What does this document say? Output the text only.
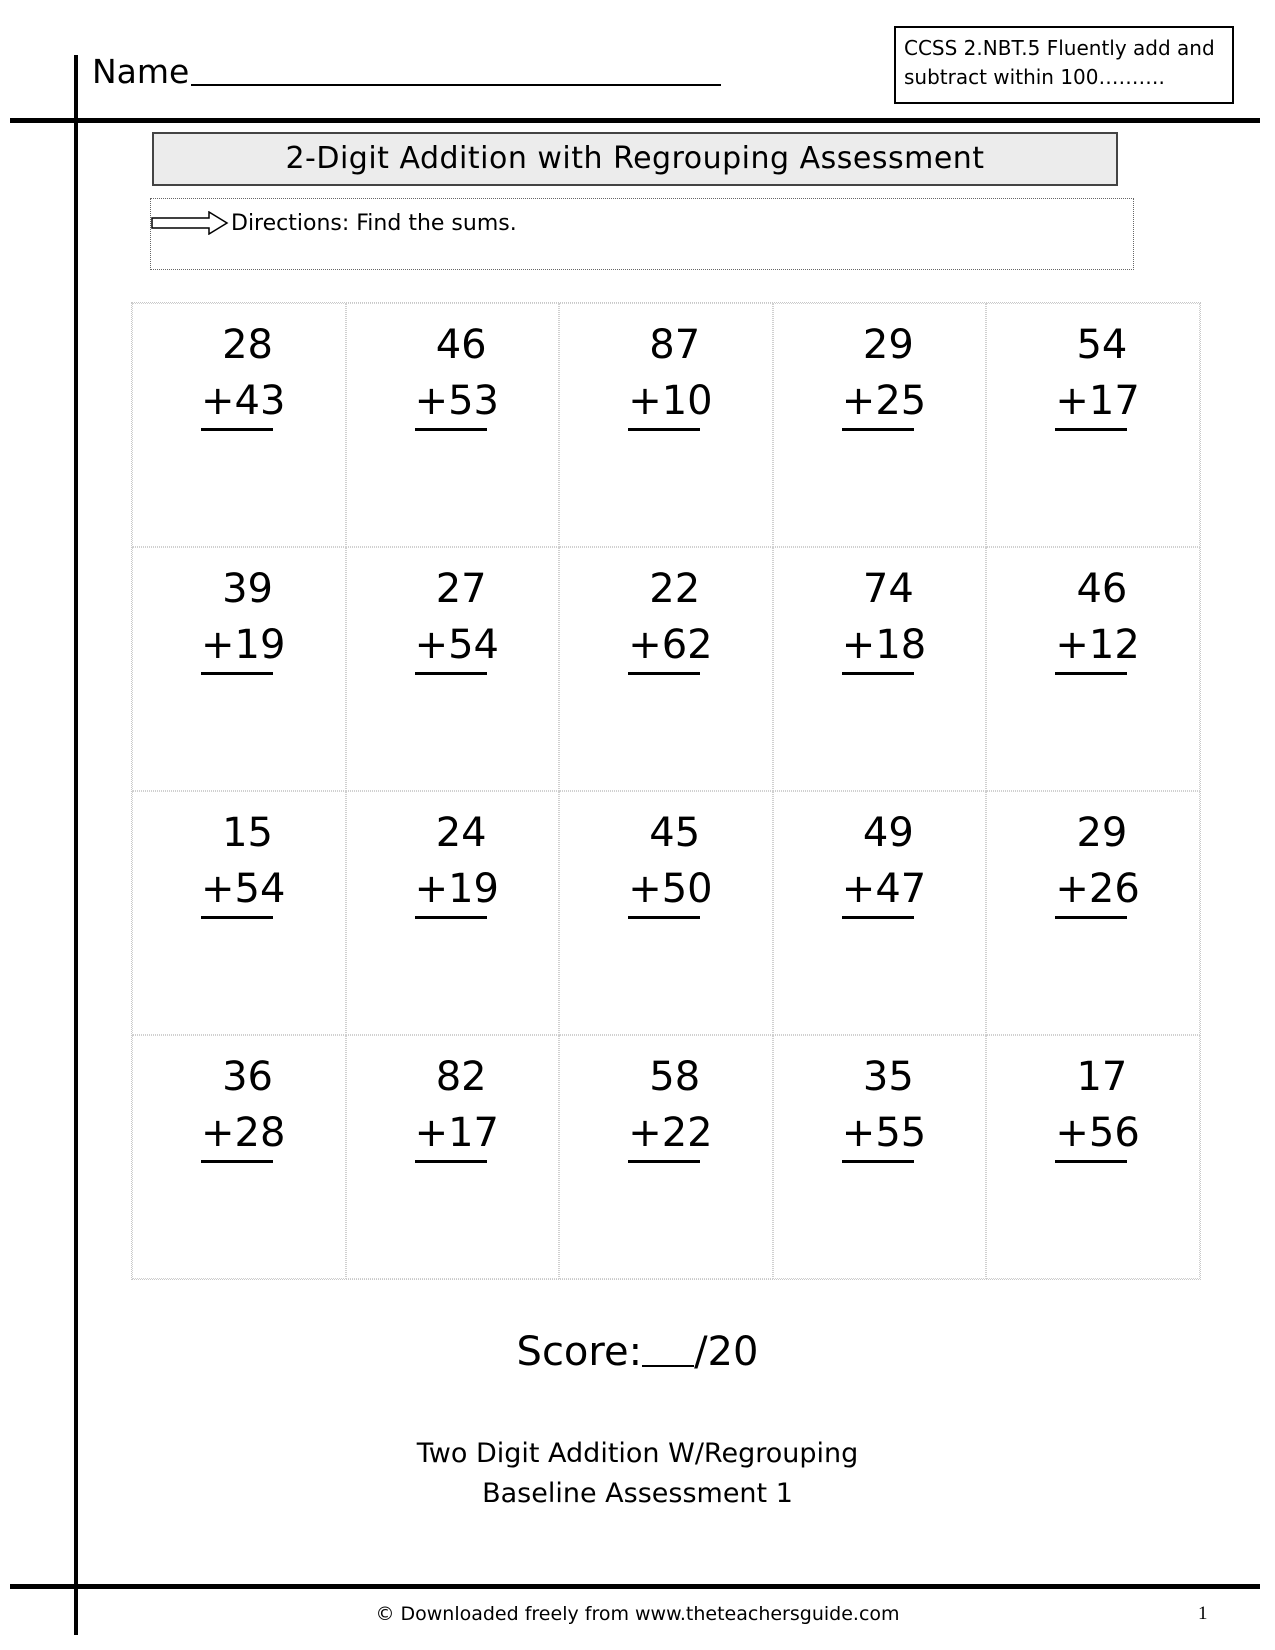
Name
CCSS 2.NBT.5 Fluently add and subtract within 100……….
2-Digit Addition with Regrouping Assessment
Directions: Find the sums.
28
+43
46
+53
87
+10
29
+25
54
+17
39
+19
27
+54
22
+62
74
+18
46
+12
15
+54
24
+19
45
+50
49
+47
29
+26
36
+28
82
+17
58
+22
35
+55
17
+56
Score: /20
Two Digit Addition W/Regrouping
Baseline Assessment 1
© Downloaded freely from www.theteachersguide.com	1
